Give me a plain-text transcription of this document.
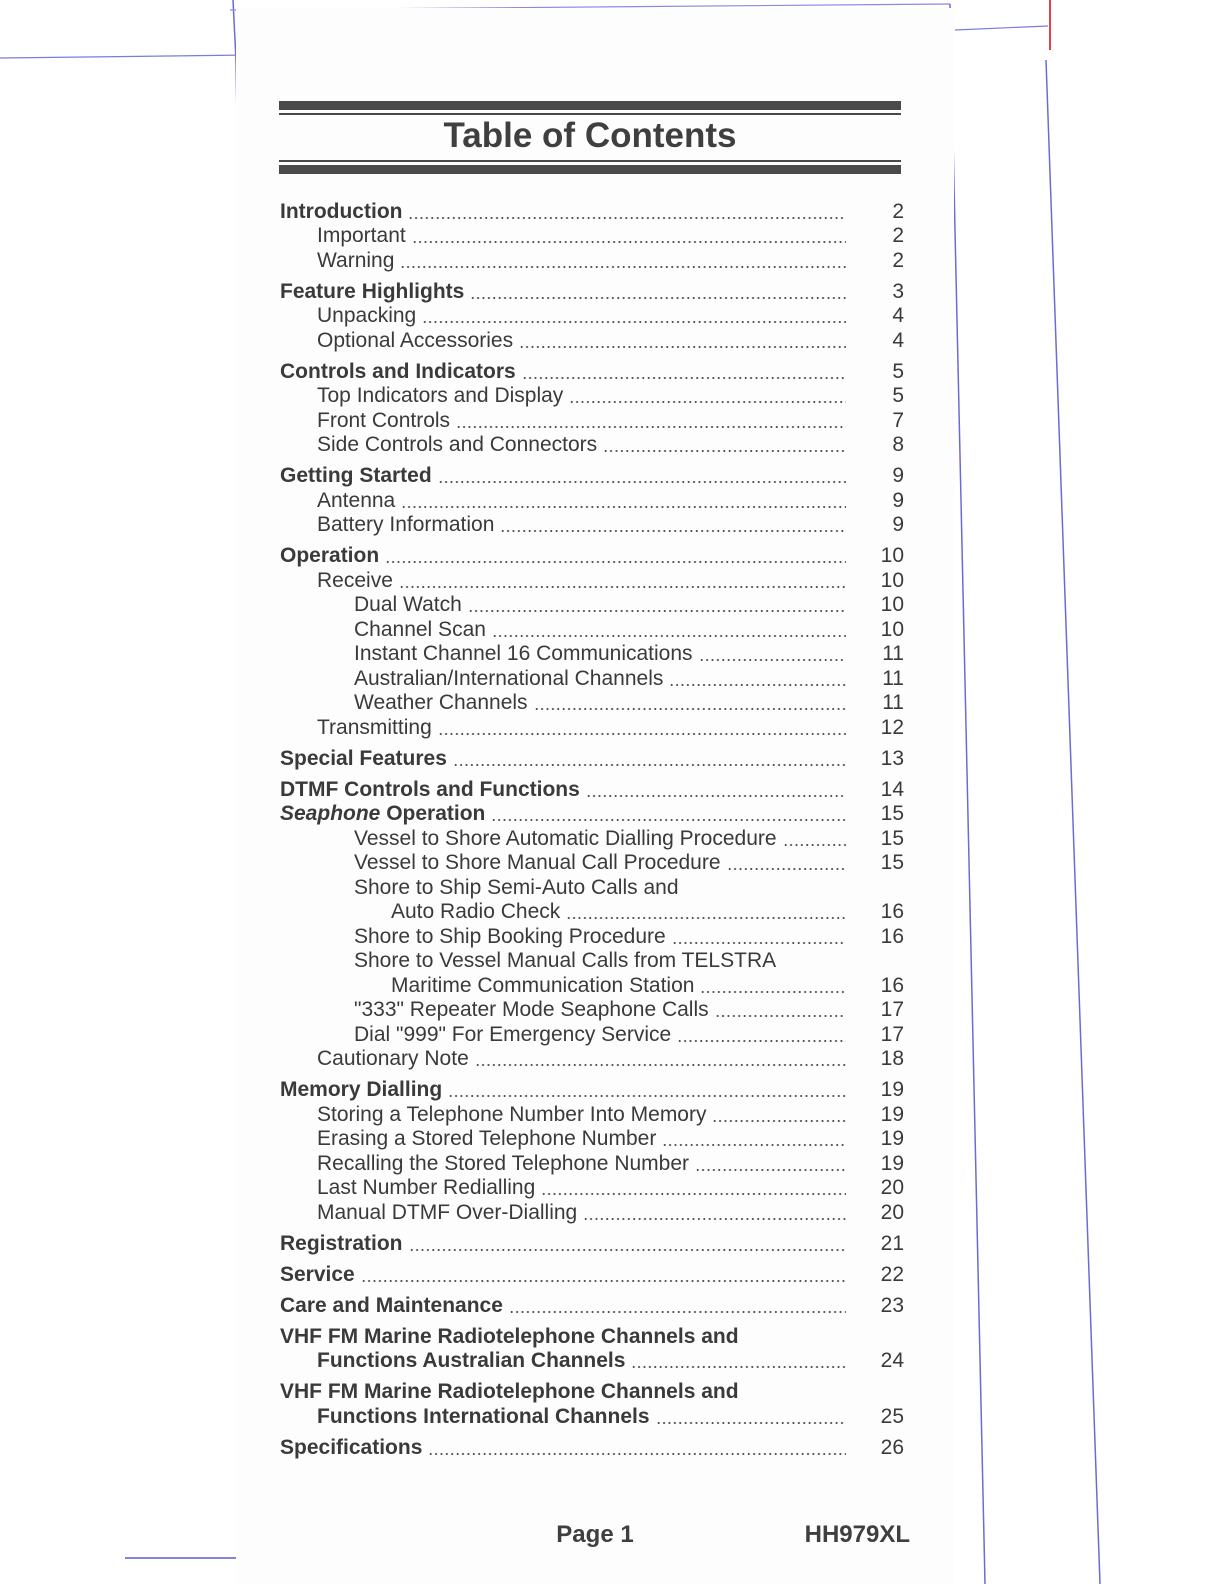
Table of Contents
Introduction	2
Important	2
Warning	2
Feature Highlights	3
Unpacking	4
Optional Accessories	4
Controls and Indicators	5
Top Indicators and Display	5
Front Controls	7
Side Controls and Connectors	8
Getting Started	9
Antenna	9
Battery Information	9
Operation	10
Receive	10
Dual Watch	10
Channel Scan	10
Instant Channel 16 Communications	11
Australian/International Channels	11
Weather Channels	11
Transmitting	12
Special Features	13
DTMF Controls and Functions	14
Seaphone Operation	15
Vessel to Shore Automatic Dialling Procedure	15
Vessel to Shore Manual Call Procedure	15
Shore to Ship Semi-Auto Calls and
Auto Radio Check	16
Shore to Ship Booking Procedure	16
Shore to Vessel Manual Calls from TELSTRA
Maritime Communication Station	16
"333" Repeater Mode Seaphone Calls	17
Dial "999" For Emergency Service	17
Cautionary Note	18
Memory Dialling	19
Storing a Telephone Number Into Memory	19
Erasing a Stored Telephone Number	19
Recalling the Stored Telephone Number	19
Last Number Redialling	20
Manual DTMF Over-Dialling	20
Registration	21
Service	22
Care and Maintenance	23
VHF FM Marine Radiotelephone Channels and
Functions Australian Channels	24
VHF FM Marine Radiotelephone Channels and
Functions International Channels	25
Specifications	26
Page 1	HH979XL
